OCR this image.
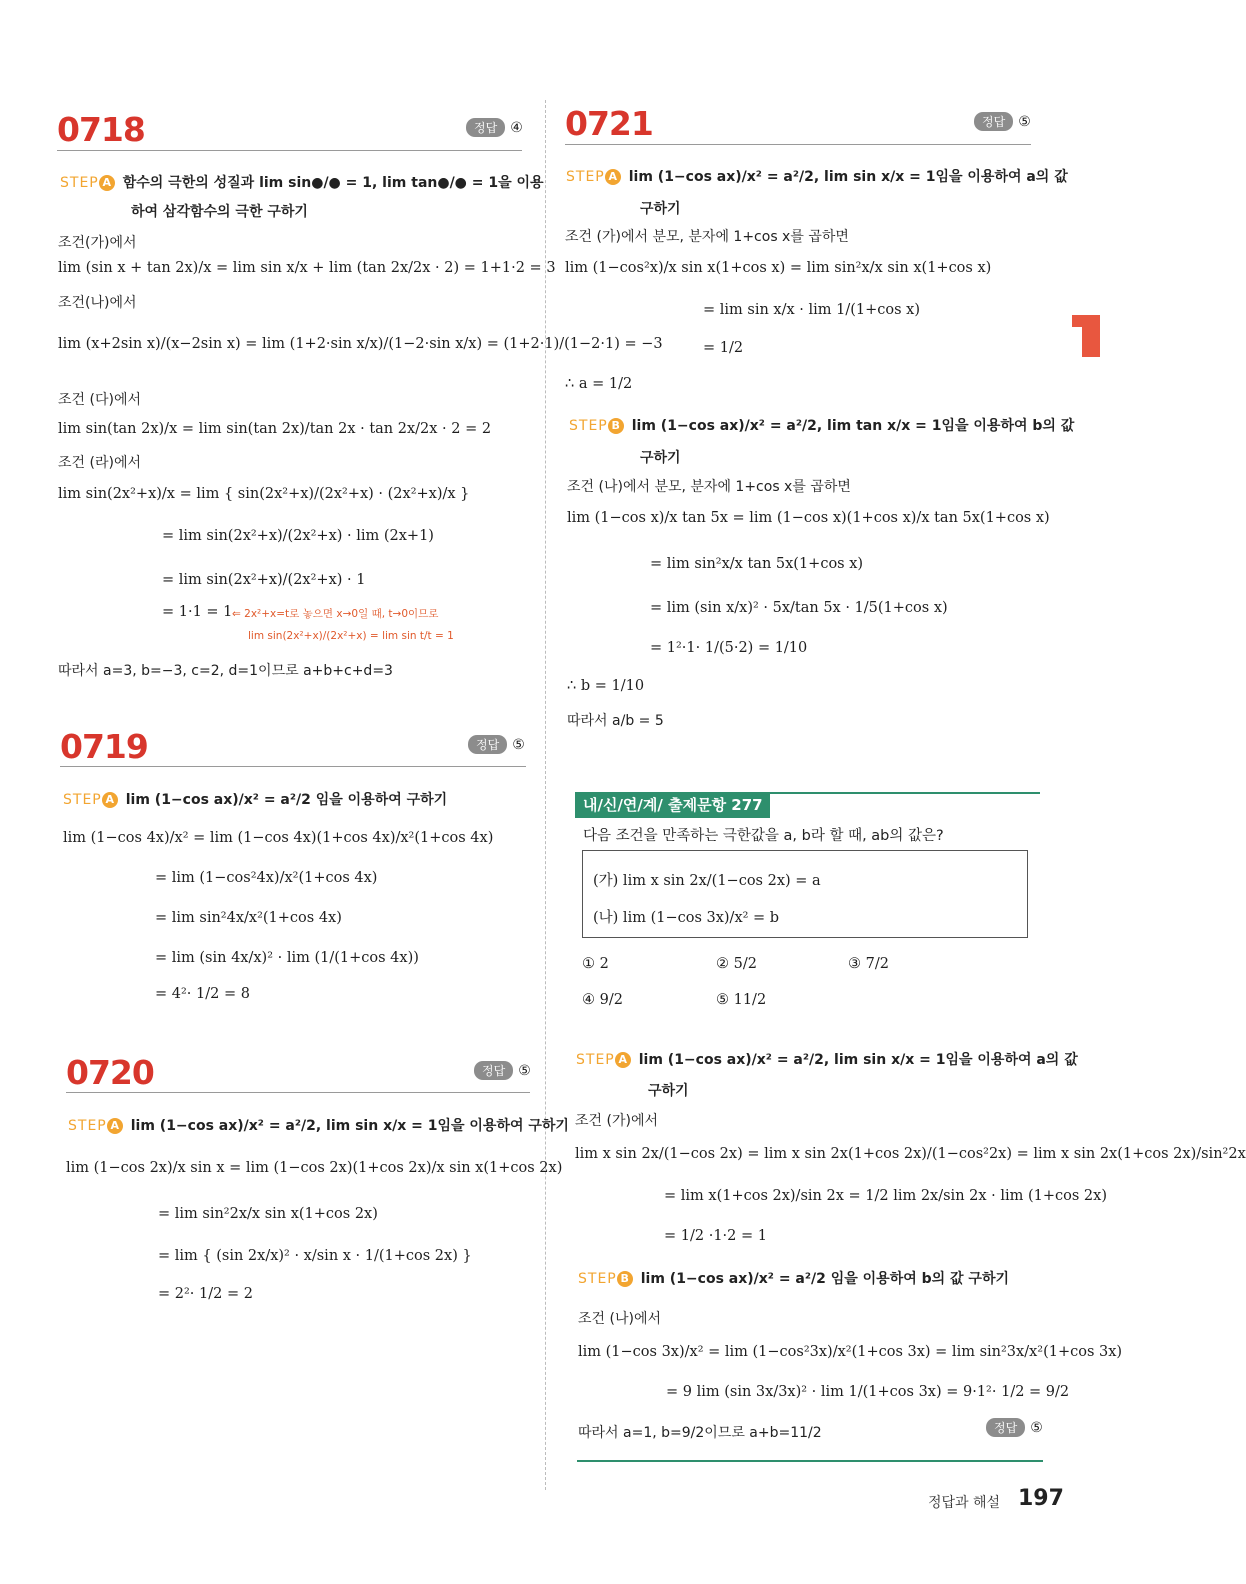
0718	정답 ④
STEP A 함수의 극한의 성질과 lim sin●/● = 1, lim tan●/● = 1을 이용
하여 삼각함수의 극한 구하기
조건(가)에서
lim (sin x + tan 2x)/x = lim sin x/x + lim (tan 2x/2x · 2) = 1+1·2 = 3
조건(나)에서
lim (x+2sin x)/(x−2sin x) = lim (1+2·sin x/x)/(1−2·sin x/x) = (1+2·1)/(1−2·1) = −3
조건 (다)에서
lim sin(tan 2x)/x = lim sin(tan 2x)/tan 2x · tan 2x/2x · 2 = 2
조건 (라)에서
lim sin(2x²+x)/x = lim { sin(2x²+x)/(2x²+x) · (2x²+x)/x }
= lim sin(2x²+x)/(2x²+x) · lim (2x+1)
= lim sin(2x²+x)/(2x²+x) · 1
= 1·1 = 1 ⇐ 2x²+x=t로 놓으면 x→0일 때, t→0이므로
lim sin(2x²+x)/(2x²+x) = lim sin t/t = 1
따라서 a=3, b=−3, c=2, d=1이므로 a+b+c+d=3
0719	정답 ⑤
STEP A lim (1−cos ax)/x² = a²/2 임을 이용하여 구하기
lim (1−cos 4x)/x² = lim (1−cos 4x)(1+cos 4x)/x²(1+cos 4x)
= lim (1−cos²4x)/x²(1+cos 4x)
= lim sin²4x/x²(1+cos 4x)
= lim (sin 4x/x)² · lim (1/(1+cos 4x))
= 4²· 1/2 = 8
0720	정답 ⑤
STEP A lim (1−cos ax)/x² = a²/2, lim sin x/x = 1임을 이용하여 구하기
lim (1−cos 2x)/x sin x = lim (1−cos 2x)(1+cos 2x)/x sin x(1+cos 2x)
= lim sin²2x/x sin x(1+cos 2x)
= lim { (sin 2x/x)² · x/sin x · 1/(1+cos 2x) }
= 2²· 1/2 = 2
0721	정답 ⑤
STEP A lim (1−cos ax)/x² = a²/2, lim sin x/x = 1임을 이용하여 a의 값
구하기
조건 (가)에서 분모, 분자에 1+cos x를 곱하면
lim (1−cos²x)/x sin x(1+cos x) = lim sin²x/x sin x(1+cos x)
= lim sin x/x · lim 1/(1+cos x)
= 1/2
∴ a = 1/2
STEP B lim (1−cos ax)/x² = a²/2, lim tan x/x = 1임을 이용하여 b의 값
구하기
조건 (나)에서 분모, 분자에 1+cos x를 곱하면
lim (1−cos x)/x tan 5x = lim (1−cos x)(1+cos x)/x tan 5x(1+cos x)
= lim sin²x/x tan 5x(1+cos x)
= lim (sin x/x)² · 5x/tan 5x · 1/5(1+cos x)
= 1²·1· 1/(5·2) = 1/10
∴ b = 1/10
따라서 a/b = 5
내/신/연/계/ 출제문항 277
다음 조건을 만족하는 극한값을 a, b라 할 때, ab의 값은?
(가) lim x sin 2x/(1−cos 2x) = a
(나) lim (1−cos 3x)/x² = b
① 2	② 5/2	③ 7/2
④ 9/2	⑤ 11/2
STEP A lim (1−cos ax)/x² = a²/2, lim sin x/x = 1임을 이용하여 a의 값
구하기
조건 (가)에서
lim x sin 2x/(1−cos 2x) = lim x sin 2x(1+cos 2x)/(1−cos²2x) = lim x sin 2x(1+cos 2x)/sin²2x
= lim x(1+cos 2x)/sin 2x = 1/2 lim 2x/sin 2x · lim (1+cos 2x)
= 1/2 ·1·2 = 1
STEP B lim (1−cos ax)/x² = a²/2 임을 이용하여 b의 값 구하기
조건 (나)에서
lim (1−cos 3x)/x² = lim (1−cos²3x)/x²(1+cos 3x) = lim sin²3x/x²(1+cos 3x)
= 9 lim (sin 3x/3x)² · lim 1/(1+cos 3x) = 9·1²· 1/2 = 9/2
따라서 a=1, b=9/2이므로 a+b=11/2	정답 ⑤
정답과 해설 197
